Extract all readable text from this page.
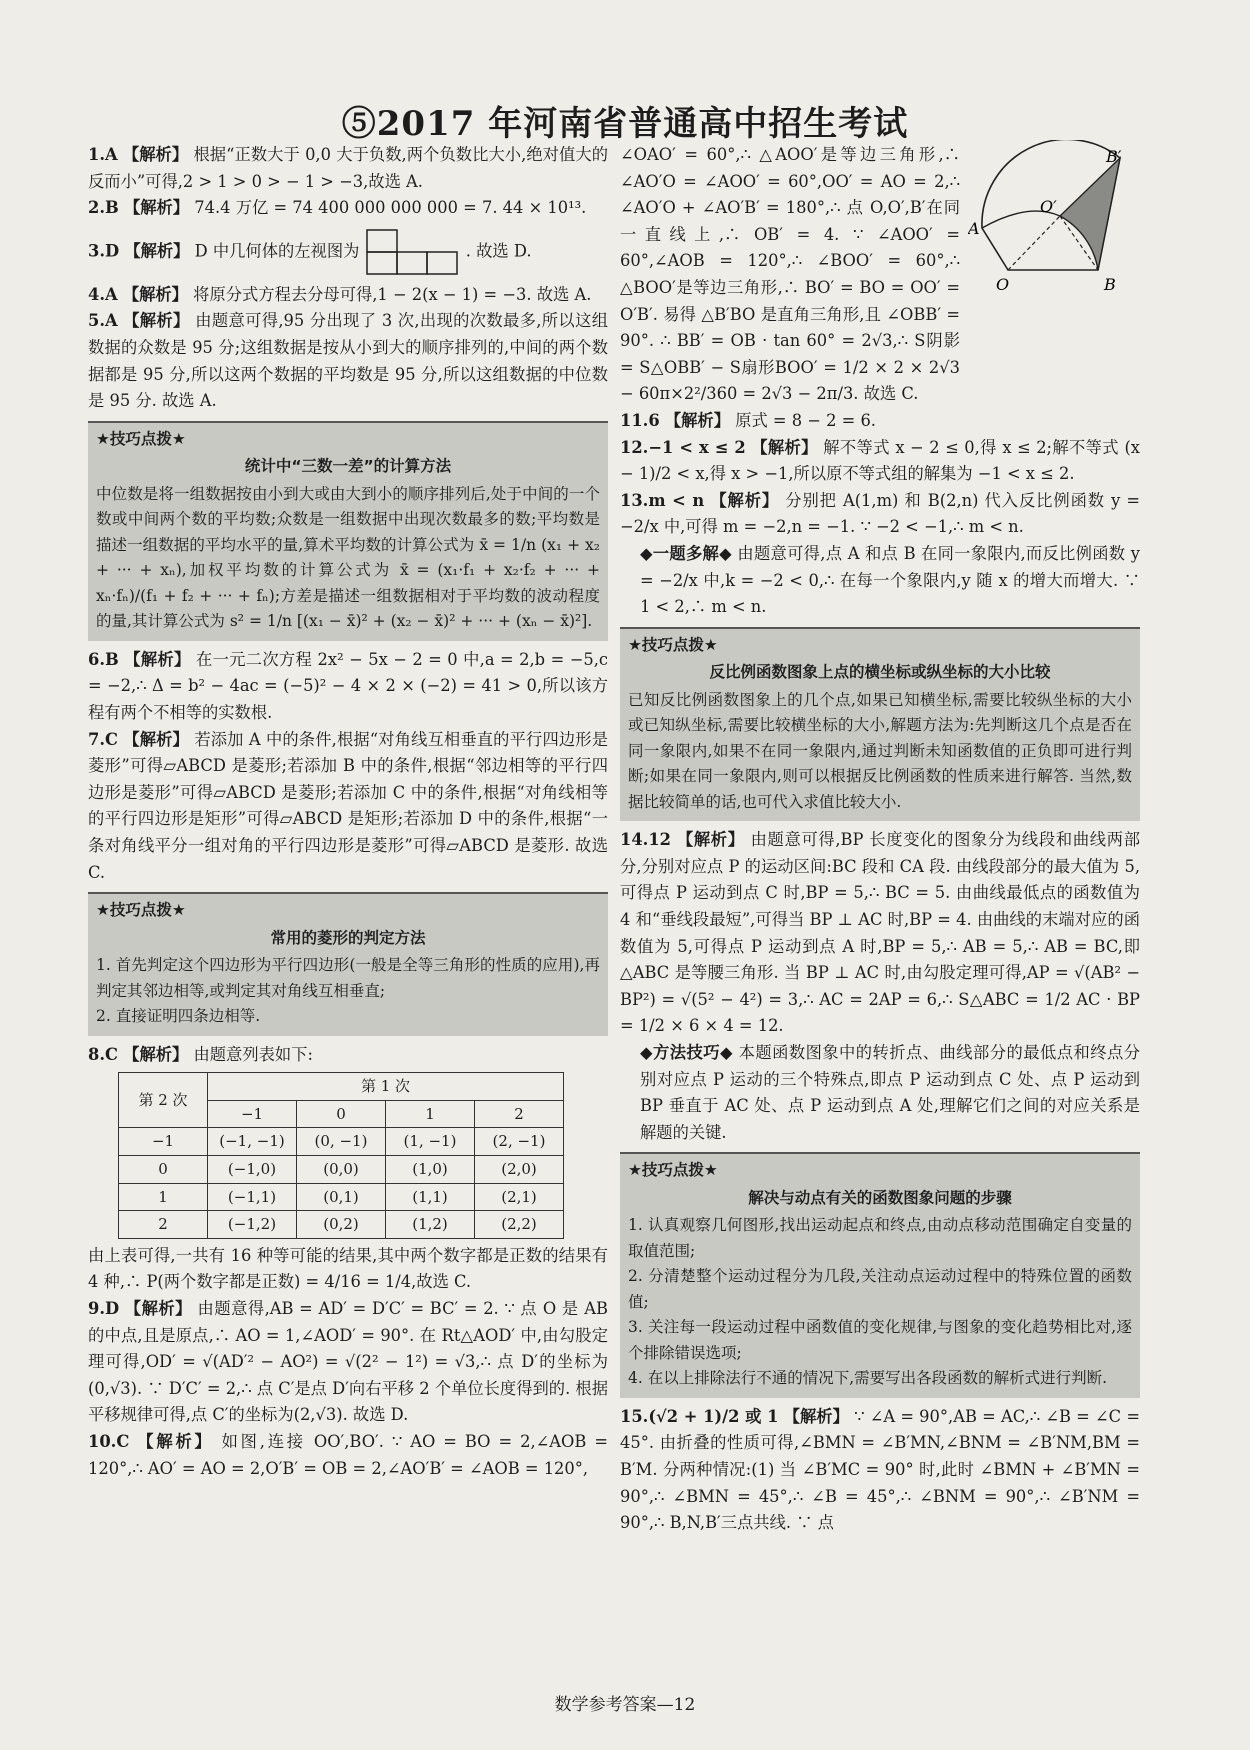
⑤2017 年河南省普通高中招生考试

1.A 【解析】 根据“正数大于 0,0 大于负数,两个负数比大小,绝对值大的反而小”可得,2 > 1 > 0 > − 1 > −3,故选 A.

2.B 【解析】 74.4 万亿 = 74 400 000 000 000 = 7. 44 × 10¹³.

3.D 【解析】 D 中几何体的左视图为	. 故选 D.

4.A 【解析】 将原分式方程去分母可得,1 − 2(x − 1) = −3. 故选 A.

5.A 【解析】 由题意可得,95 分出现了 3 次,出现的次数最多,所以这组数据的众数是 95 分;这组数据是按从小到大的顺序排列的,中间的两个数据都是 95 分,所以这两个数据的平均数是 95 分,所以这组数据的中位数是 95 分. 故选 A.

★技巧点拨★
统计中“三数一差”的计算方法
中位数是将一组数据按由小到大或由大到小的顺序排列后,处于中间的一个数或中间两个数的平均数;众数是一组数据中出现次数最多的数;平均数是描述一组数据的平均水平的量,算术平均数的计算公式为 x̄ = 1/n (x₁ + x₂ + ··· + xₙ),加权平均数的计算公式为 x̄ = (x₁·f₁ + x₂·f₂ + ··· + xₙ·fₙ)/(f₁ + f₂ + ··· + fₙ);方差是描述一组数据相对于平均数的波动程度的量,其计算公式为 s² = 1/n [(x₁ − x̄)² + (x₂ − x̄)² + ··· + (xₙ − x̄)²].

6.B 【解析】 在一元二次方程 2x² − 5x − 2 = 0 中,a = 2,b = −5,c = −2,∴ Δ = b² − 4ac = (−5)² − 4 × 2 × (−2) = 41 > 0,所以该方程有两个不相等的实数根.

7.C 【解析】 若添加 A 中的条件,根据“对角线互相垂直的平行四边形是菱形”可得▱ABCD 是菱形;若添加 B 中的条件,根据“邻边相等的平行四边形是菱形”可得▱ABCD 是菱形;若添加 C 中的条件,根据“对角线相等的平行四边形是矩形”可得▱ABCD 是矩形;若添加 D 中的条件,根据“一条对角线平分一组对角的平行四边形是菱形”可得▱ABCD 是菱形. 故选 C.

★技巧点拨★
常用的菱形的判定方法
1. 首先判定这个四边形为平行四边形(一般是全等三角形的性质的应用),再判定其邻边相等,或判定其对角线互相垂直;
2. 直接证明四条边相等.

8.C 【解析】 由题意列表如下:

第 2 次	第 1 次			
	−1	0	1	2
−1	(−1, −1)	(0, −1)	(1, −1)	(2, −1)
0	(−1,0)	(0,0)	(1,0)	(2,0)
1	(−1,1)	(0,1)	(1,1)	(2,1)
2	(−1,2)	(0,2)	(1,2)	(2,2)

由上表可得,一共有 16 种等可能的结果,其中两个数字都是正数的结果有 4 种,∴ P(两个数字都是正数) = 4/16 = 1/4,故选 C.

9.D 【解析】 由题意得,AB = AD′ = D′C′ = BC′ = 2. ∵ 点 O 是 AB 的中点,且是原点,∴ AO = 1,∠AOD′ = 90°. 在 Rt△AOD′ 中,由勾股定理可得,OD′ = √(AD′² − AO²) = √(2² − 1²) = √3,∴ 点 D′的坐标为(0,√3). ∵ D′C′ = 2,∴ 点 C′是点 D′向右平移 2 个单位长度得到的. 根据平移规律可得,点 C′的坐标为(2,√3). 故选 D.

10.C 【解析】 如图,连接 OO′,BO′. ∵ AO = BO = 2,∠AOB = 120°,∴ AO′ = AO = 2,O′B′ = OB = 2,∠AO′B′ = ∠AOB = 120°,

A
O	B
O′
B′

∠OAO′ = 60°,∴ △AOO′是等边三角形,∴ ∠AO′O = ∠AOO′ = 60°,OO′ = AO = 2,∴ ∠AO′O + ∠AO′B′ = 180°,∴ 点 O,O′,B′在同一直线上,∴ OB′ = 4. ∵ ∠AOO′ = 60°,∠AOB = 120°,∴ ∠BOO′ = 60°,∴ △BOO′是等边三角形,∴ BO′ = BO = OO′ = O′B′. 易得 △B′BO 是直角三角形,且 ∠OBB′ = 90°. ∴ BB′ = OB · tan 60° = 2√3,∴ S阴影 = S△OBB′ − S扇形BOO′ = 1/2 × 2 × 2√3 − 60π×2²/360 = 2√3 − 2π/3. 故选 C.

11.6 【解析】 原式 = 8 − 2 = 6.

12.−1 < x ≤ 2 【解析】 解不等式 x − 2 ≤ 0,得 x ≤ 2;解不等式 (x − 1)/2 < x,得 x > −1,所以原不等式组的解集为 −1 < x ≤ 2.

13.m < n 【解析】 分别把 A(1,m) 和 B(2,n) 代入反比例函数 y = −2/x 中,可得 m = −2,n = −1. ∵ −2 < −1,∴ m < n.

◆一题多解◆ 由题意可得,点 A 和点 B 在同一象限内,而反比例函数 y = −2/x 中,k = −2 < 0,∴ 在每一个象限内,y 随 x 的增大而增大. ∵ 1 < 2,∴ m < n.
★技巧点拨★
反比例函数图象上点的横坐标或纵坐标的大小比较
已知反比例函数图象上的几个点,如果已知横坐标,需要比较纵坐标的大小或已知纵坐标,需要比较横坐标的大小,解题方法为:先判断这几个点是否在同一象限内,如果不在同一象限内,通过判断未知函数值的正负即可进行判断;如果在同一象限内,则可以根据反比例函数的性质来进行解答. 当然,数据比较简单的话,也可代入求值比较大小.

14.12 【解析】 由题意可得,BP 长度变化的图象分为线段和曲线两部分,分别对应点 P 的运动区间:BC 段和 CA 段. 由线段部分的最大值为 5,可得点 P 运动到点 C 时,BP = 5,∴ BC = 5. 由曲线最低点的函数值为 4 和“垂线段最短”,可得当 BP ⊥ AC 时,BP = 4. 由曲线的末端对应的函数值为 5,可得点 P 运动到点 A 时,BP = 5,∴ AB = 5,∴ AB = BC,即 △ABC 是等腰三角形. 当 BP ⊥ AC 时,由勾股定理可得,AP = √(AB² − BP²) = √(5² − 4²) = 3,∴ AC = 2AP = 6,∴ S△ABC = 1/2 AC · BP = 1/2 × 6 × 4 = 12.

◆方法技巧◆ 本题函数图象中的转折点、曲线部分的最低点和终点分别对应点 P 运动的三个特殊点,即点 P 运动到点 C 处、点 P 运动到 BP 垂直于 AC 处、点 P 运动到点 A 处,理解它们之间的对应关系是解题的关键.
★技巧点拨★
解决与动点有关的函数图象问题的步骤
1. 认真观察几何图形,找出运动起点和终点,由动点移动范围确定自变量的取值范围;
2. 分清楚整个运动过程分为几段,关注动点运动过程中的特殊位置的函数值;
3. 关注每一段运动过程中函数值的变化规律,与图象的变化趋势相比对,逐个排除错误选项;
4. 在以上排除法行不通的情况下,需要写出各段函数的解析式进行判断.

15.(√2 + 1)/2 或 1 【解析】 ∵ ∠A = 90°,AB = AC,∴ ∠B = ∠C = 45°. 由折叠的性质可得,∠BMN = ∠B′MN,∠BNM = ∠B′NM,BM = B′M. 分两种情况:(1) 当 ∠B′MC = 90° 时,此时 ∠BMN + ∠B′MN = 90°,∴ ∠BMN = 45°,∴ ∠B = 45°,∴ ∠BNM = 90°,∴ ∠B′NM = 90°,∴ B,N,B′三点共线. ∵ 点

数学参考答案—12
